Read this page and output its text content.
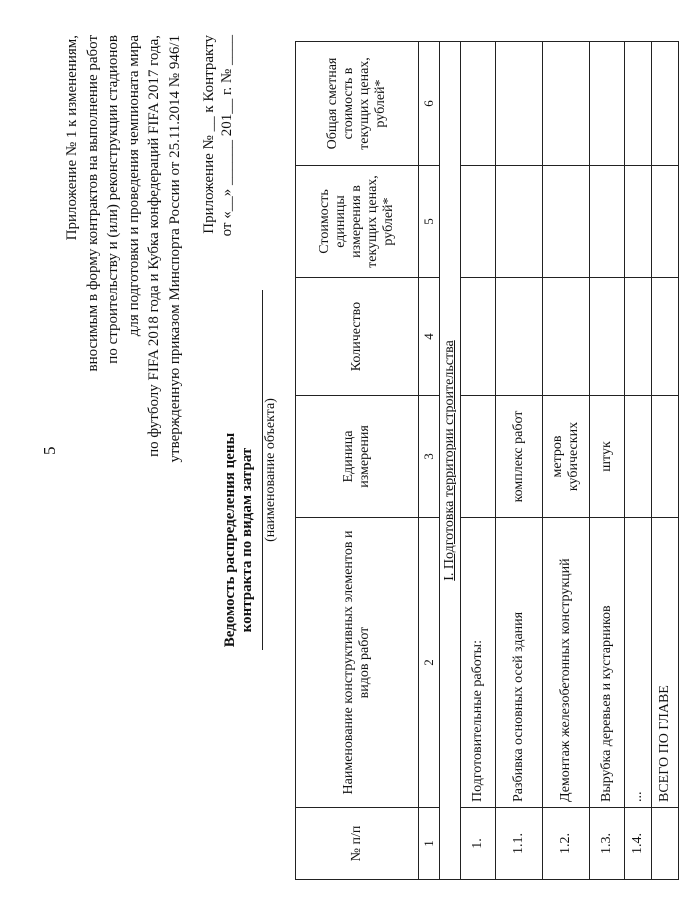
5
Приложение № 1 к изменениям, вносимым в форму контрактов на выполнение работ по строительству и (или) реконструкции стадионов для подготовки и проведения чемпионата мира по футболу FIFA 2018 года и Кубка конфедераций FIFA 2017 года, утвержденную приказом Минспорта России от 25.11.2014 № 946/1 Приложение № __ к Контракту от «__» ______ 201__ г. № ____
Ведомость распределения цены контракта по видам затрат (наименование объекта)
№ п/п	Наименование конструктивных элементов и видов работ	Единица измерения	Количество	Стоимость единицы измерения в текущих ценах, рублей*	Общая сметная стоимость в текущих ценах, рублей*
1	2	3	4	5	6
I. Подготовка территории строительства					
1.	Подготовительные работы:				
1.1.	Разбивка основных осей здания	комплекс работ			
1.2.	Демонтаж железобетонных конструкций	метров кубических			
1.3.	Вырубка деревьев и кустарников	штук			
1.4.	...				
	ВСЕГО ПО ГЛАВЕ				
